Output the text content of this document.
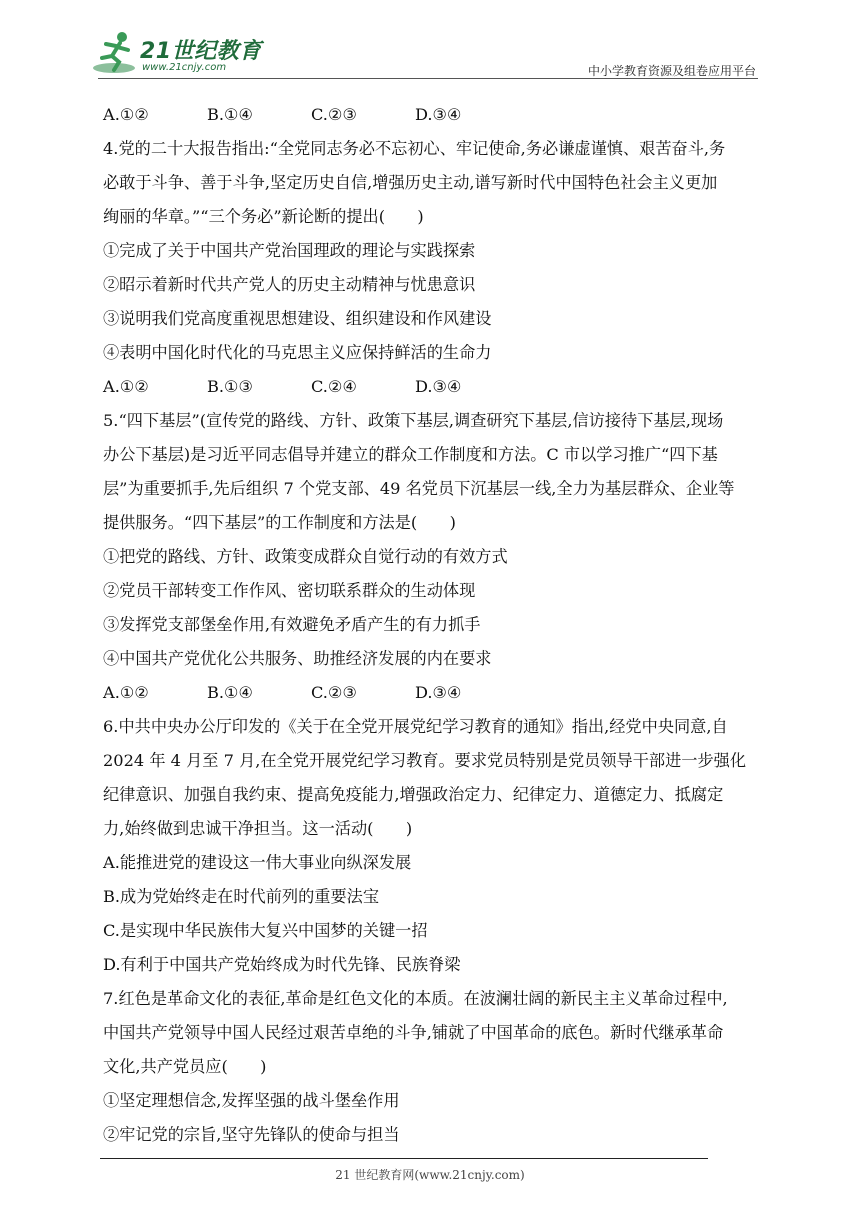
21世纪教育
www.21cnjy.com	中小学教育资源及组卷应用平台
A.①②	B.①④	C.②③	D.③④
4.党的二十大报告指出:“全党同志务必不忘初心、牢记使命,务必谦虚谨慎、艰苦奋斗,务
必敢于斗争、善于斗争,坚定历史自信,增强历史主动,谱写新时代中国特色社会主义更加
绚丽的华章。”“三个务必”新论断的提出(　　)
①完成了关于中国共产党治国理政的理论与实践探索
②昭示着新时代共产党人的历史主动精神与忧患意识
③说明我们党高度重视思想建设、组织建设和作风建设
④表明中国化时代化的马克思主义应保持鲜活的生命力
A.①②	B.①③	C.②④	D.③④
5.“四下基层”(宣传党的路线、方针、政策下基层,调查研究下基层,信访接待下基层,现场
办公下基层)是习近平同志倡导并建立的群众工作制度和方法。C 市以学习推广“四下基
层”为重要抓手,先后组织 7 个党支部、49 名党员下沉基层一线,全力为基层群众、企业等
提供服务。“四下基层”的工作制度和方法是(　　)
①把党的路线、方针、政策变成群众自觉行动的有效方式
②党员干部转变工作作风、密切联系群众的生动体现
③发挥党支部堡垒作用,有效避免矛盾产生的有力抓手
④中国共产党优化公共服务、助推经济发展的内在要求
A.①②	B.①④	C.②③	D.③④
6.中共中央办公厅印发的《关于在全党开展党纪学习教育的通知》指出,经党中央同意,自
2024 年 4 月至 7 月,在全党开展党纪学习教育。要求党员特别是党员领导干部进一步强化
纪律意识、加强自我约束、提高免疫能力,增强政治定力、纪律定力、道德定力、抵腐定
力,始终做到忠诚干净担当。这一活动(　　)
A.能推进党的建设这一伟大事业向纵深发展
B.成为党始终走在时代前列的重要法宝
C.是实现中华民族伟大复兴中国梦的关键一招
D.有利于中国共产党始终成为时代先锋、民族脊梁
7.红色是革命文化的表征,革命是红色文化的本质。在波澜壮阔的新民主主义革命过程中,
中国共产党领导中国人民经过艰苦卓绝的斗争,铺就了中国革命的底色。新时代继承革命
文化,共产党员应(　　)
①坚定理想信念,发挥坚强的战斗堡垒作用
②牢记党的宗旨,坚守先锋队的使命与担当
21 世纪教育网(www.21cnjy.com)
